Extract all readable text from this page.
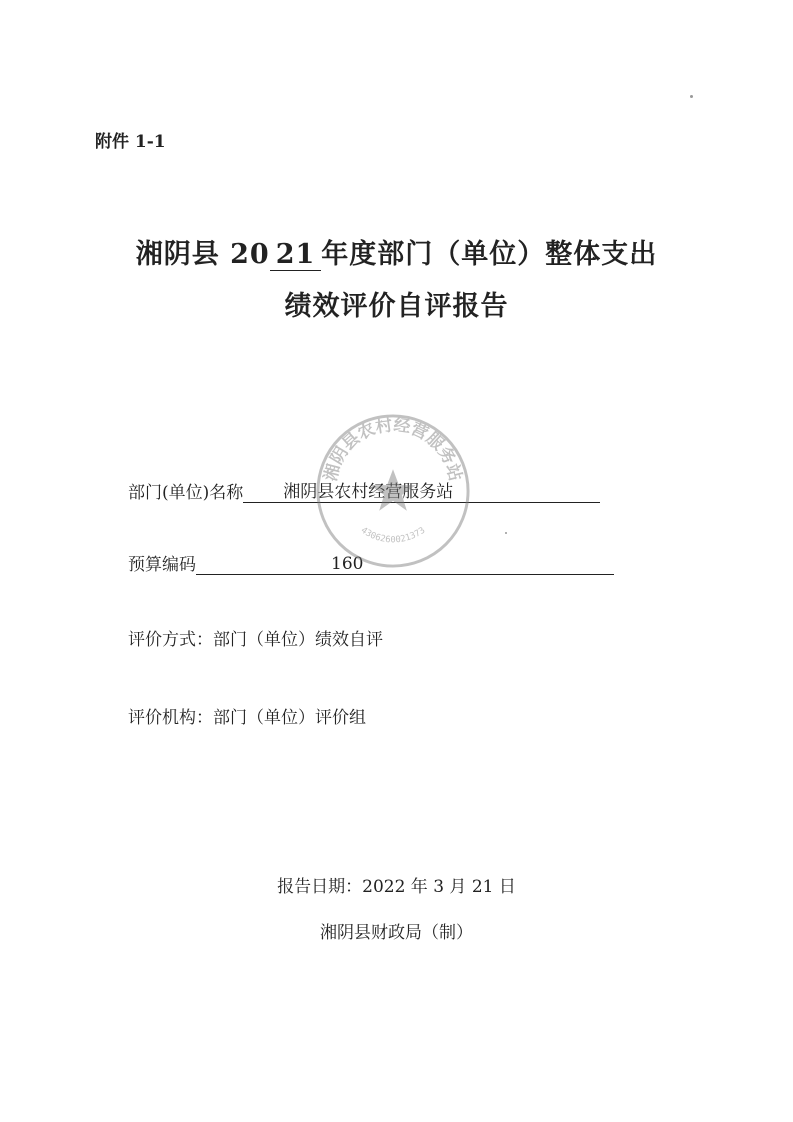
附件 1-1
湘阴县 20 21 年度部门（单位）整体支出
绩效评价自评报告
部门(单位)名称 湘阴县农村经营服务站
预算编码	160
评价方式：部门（单位）绩效自评
评价机构：部门（单位）评价组
报告日期：2022 年 3 月 21 日
湘阴县财政局（制）
湘阴县农村经营服务站
4306260021373
